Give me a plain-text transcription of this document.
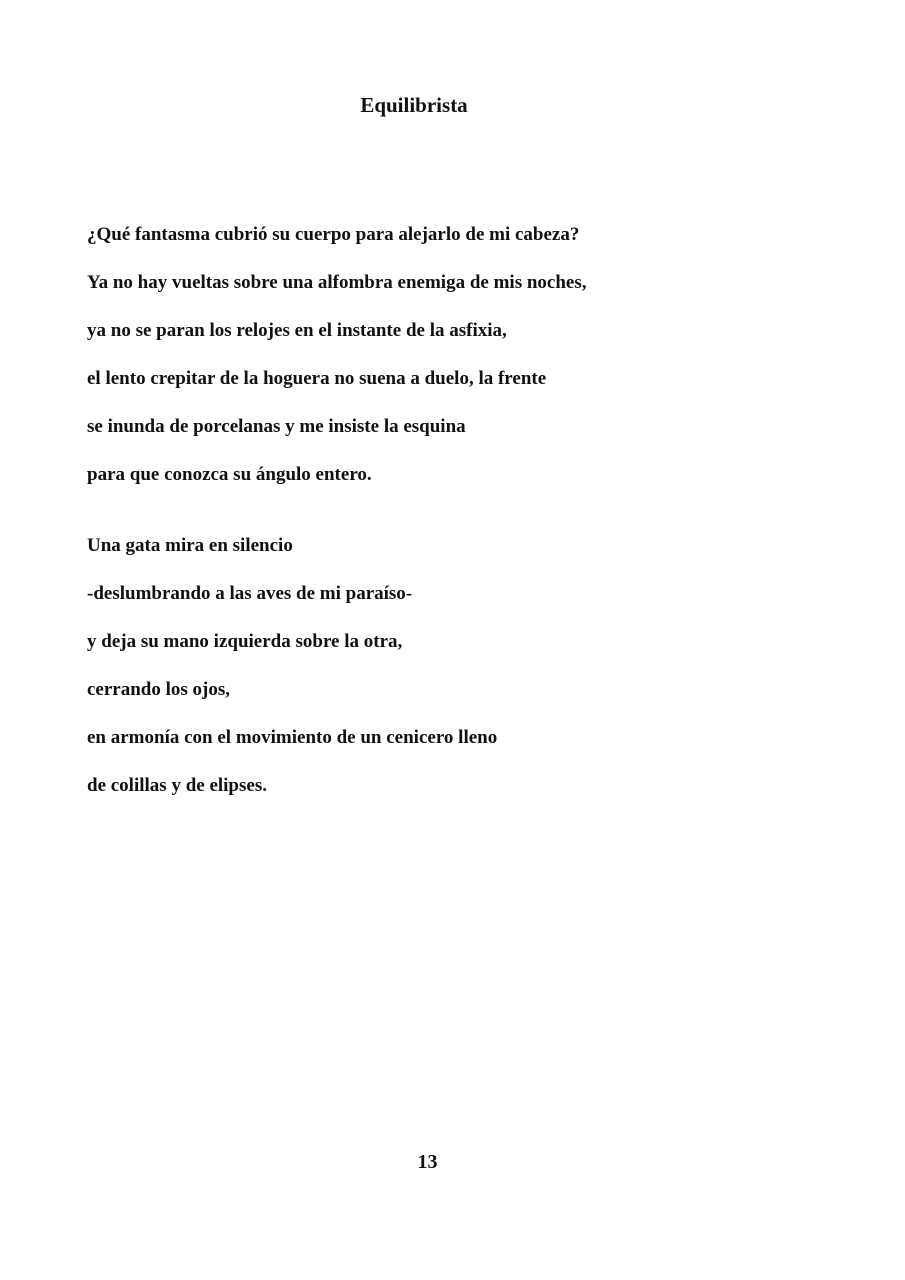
Equilibrista

¿Qué fantasma cubrió su cuerpo para alejarlo de mi cabeza?

Ya no hay vueltas sobre una alfombra enemiga de mis noches,

ya no se paran los relojes en el instante de la asfixia,

el lento crepitar de la hoguera no suena a duelo, la frente

se inunda de porcelanas y me insiste la esquina

para que conozca su ángulo entero.

Una gata mira en silencio

-deslumbrando a las aves de mi paraíso-

y deja su mano izquierda sobre la otra,

cerrando los ojos,

en armonía con el movimiento de un cenicero lleno

de colillas y de elipses.

13
